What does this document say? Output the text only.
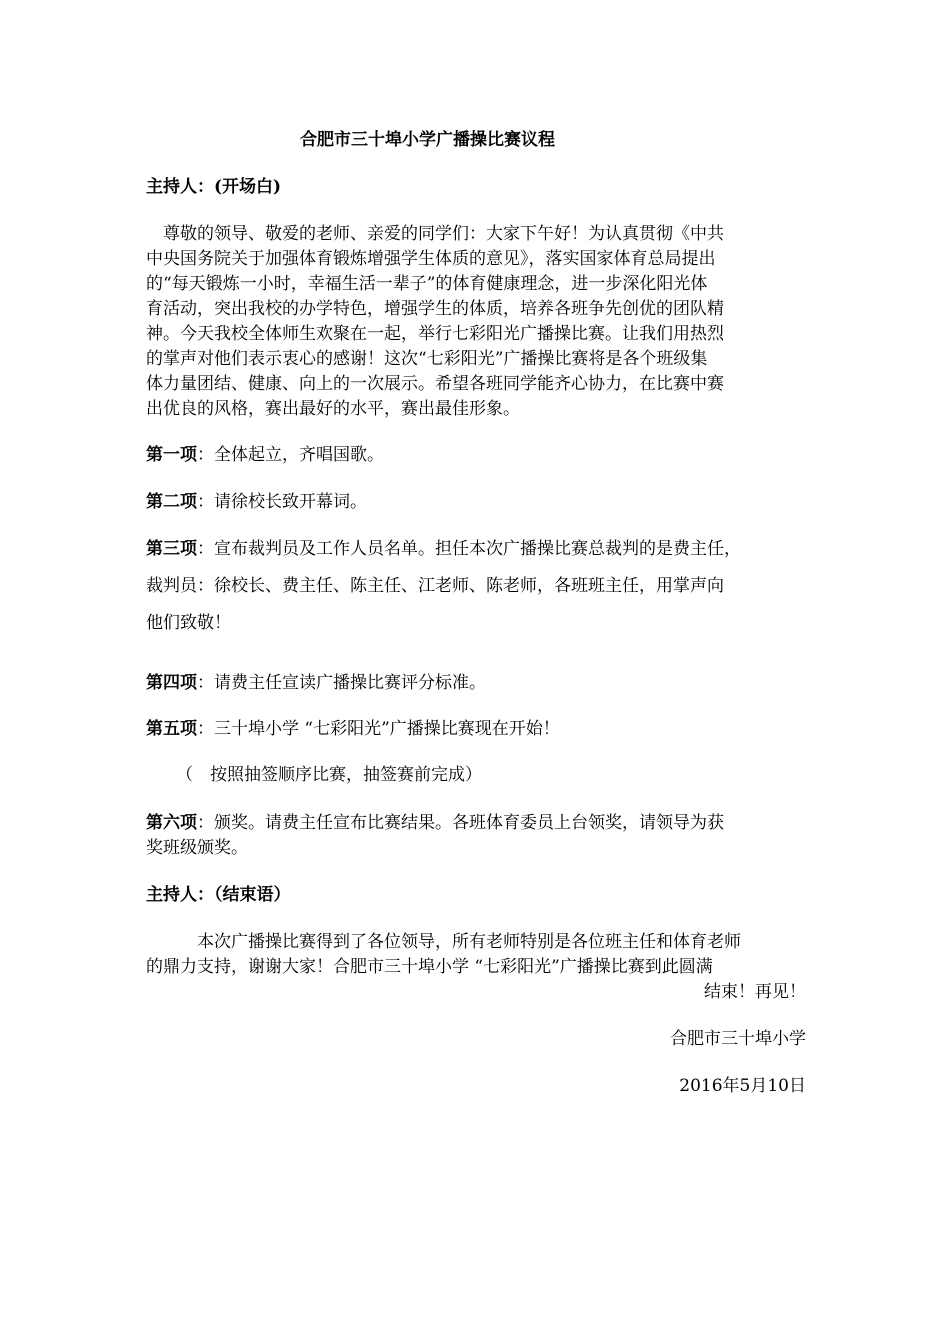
合肥市三十埠小学广播操比赛议程
主持人：(开场白)
　尊敬的领导、敬爱的老师、亲爱的同学们：大家下午好！为认真贯彻《中共
中央国务院关于加强体育锻炼增强学生体质的意见》，落实国家体育总局提出
的“每天锻炼一小时，幸福生活一辈子”的体育健康理念，进一步深化阳光体
育活动，突出我校的办学特色，增强学生的体质，培养各班争先创优的团队精
神。今天我校全体师生欢聚在一起，举行七彩阳光广播操比赛。让我们用热烈
的掌声对他们表示衷心的感谢！这次“七彩阳光”广播操比赛将是各个班级集
体力量团结、健康、向上的一次展示。希望各班同学能齐心协力，在比赛中赛
出优良的风格，赛出最好的水平，赛出最佳形象。
第一项：全体起立，齐唱国歌。
第二项：请徐校长致开幕词。
第三项：宣布裁判员及工作人员名单。担任本次广播操比赛总裁判的是费主任，
裁判员：徐校长、费主任、陈主任、江老师、陈老师，各班班主任，用掌声向
他们致敬！
第四项：请费主任宣读广播操比赛评分标准。
第五项：三十埠小学 “七彩阳光”广播操比赛现在开始！
（　按照抽签顺序比赛，抽签赛前完成）
第六项：颁奖。请费主任宣布比赛结果。各班体育委员上台领奖，请领导为获
奖班级颁奖。
主持人：（结束语）
　　　本次广播操比赛得到了各位领导，所有老师特别是各位班主任和体育老师
的鼎力支持，谢谢大家！合肥市三十埠小学 “七彩阳光”广播操比赛到此圆满
结束！再见！
合肥市三十埠小学
2016年5月10日
